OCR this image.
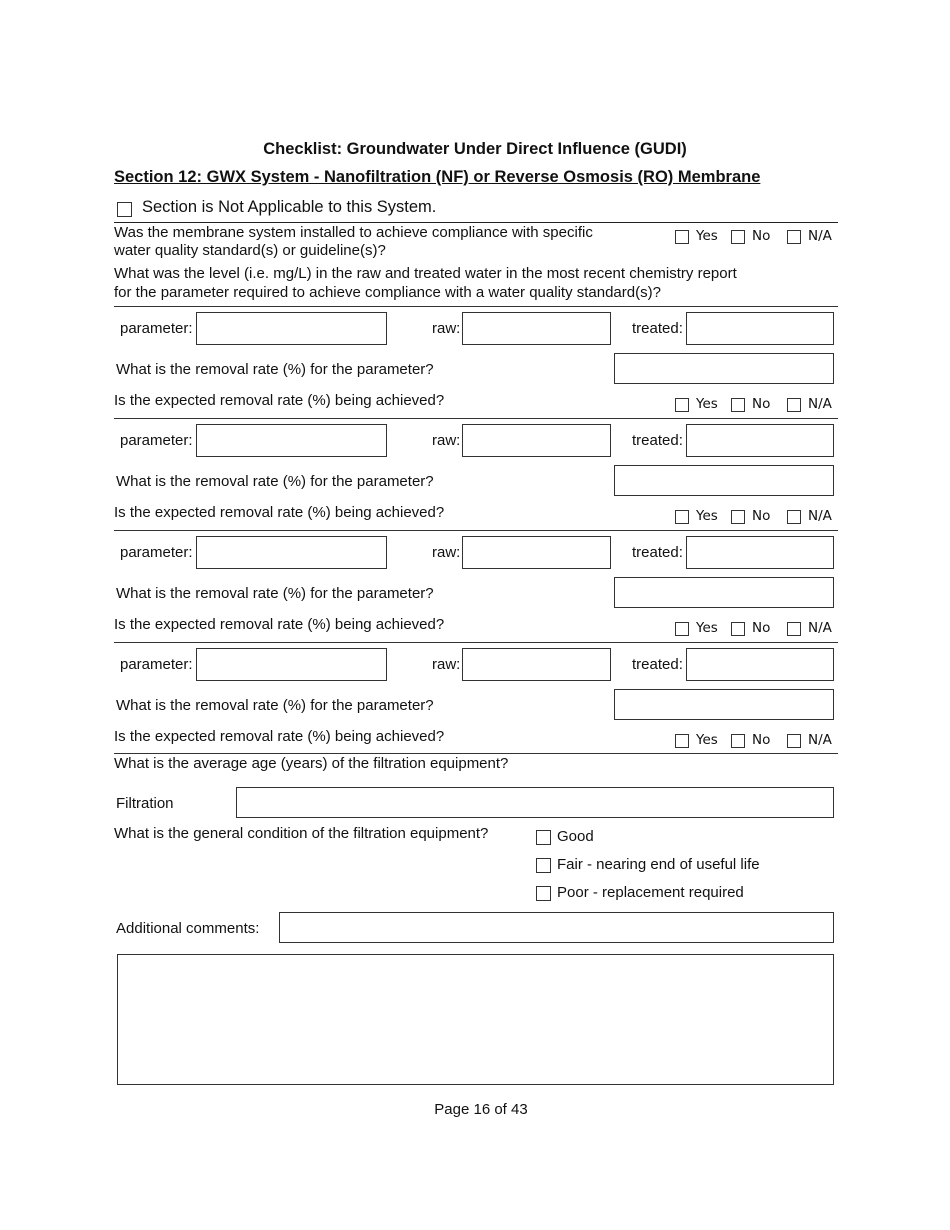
Checklist: Groundwater Under Direct Influence (GUDI)
Section 12: GWX System - Nanofiltration (NF) or Reverse Osmosis (RO) Membrane
Section is Not Applicable to this System.
Was the membrane system installed to achieve compliance with specific
water quality standard(s) or guideline(s)?
Yes	No	N/A
What was the level (i.e. mg/L) in the raw and treated water in the most recent chemistry report
for the parameter required to achieve compliance with a water quality standard(s)?
parameter:	raw:	treated:
What is the removal rate (%) for the parameter?
Is the expected removal rate (%) being achieved?	Yes	No	N/A
parameter:	raw:	treated:
What is the removal rate (%) for the parameter?
Is the expected removal rate (%) being achieved?	Yes	No	N/A
parameter:	raw:	treated:
What is the removal rate (%) for the parameter?
Is the expected removal rate (%) being achieved?	Yes	No	N/A
parameter:	raw:	treated:
What is the removal rate (%) for the parameter?
Is the expected removal rate (%) being achieved?	Yes	No	N/A
What is the average age (years) of the filtration equipment?
Filtration
What is the general condition of the filtration equipment?	Good
Fair - nearing end of useful life
Poor - replacement required
Additional comments:
Page 16 of 43
